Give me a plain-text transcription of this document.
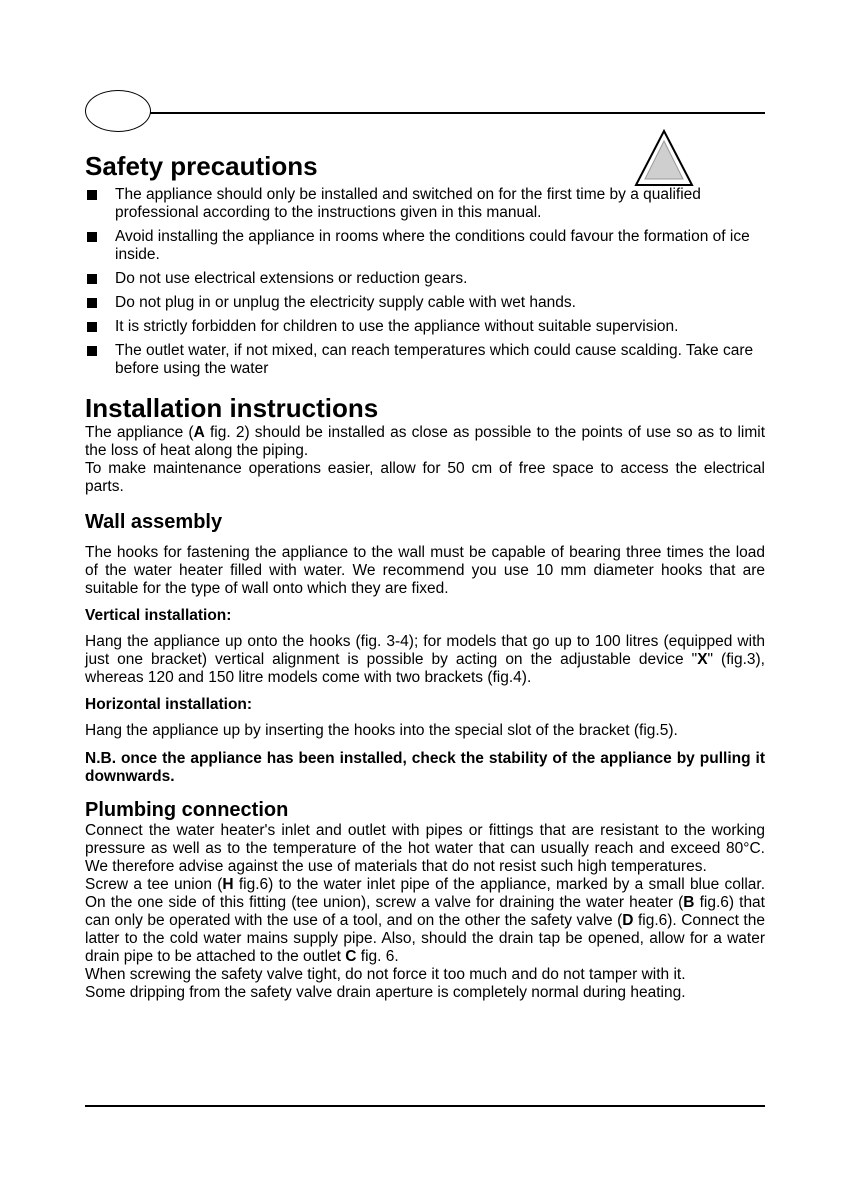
Safety precautions
The appliance should only be installed and switched on for the first time by a qualified professional according to the instructions given in this manual.
Avoid installing the appliance in rooms where the conditions could favour the formation of ice inside.
Do not use electrical extensions or reduction gears.
Do not plug in or unplug the electricity supply cable with wet hands.
It is strictly forbidden for children to use the appliance without suitable supervision.
The outlet water, if not mixed, can reach temperatures which could cause scalding. Take care before using the water
Installation instructions

The appliance (A fig. 2) should be installed as close as possible to the points of use so as to limit the loss of heat along the piping.

To make maintenance operations easier, allow for 50 cm of free space to access the electrical parts.

Wall assembly

The hooks for fastening the appliance to the wall must be capable of bearing three times the load of the water heater filled with water. We recommend you use 10 mm diameter hooks that are suitable for the type of wall onto which they are fixed.

Vertical installation:

Hang the appliance up onto the hooks (fig. 3-4); for models that go up to 100 litres (equipped with just one bracket) vertical alignment is possible by acting on the adjustable device "X" (fig.3), whereas 120 and 150 litre models come with two brackets (fig.4).

Horizontal installation:

Hang the appliance up by inserting the hooks into the special slot of the bracket (fig.5).

N.B. once the appliance has been installed, check the stability of the appliance by pulling it downwards.

Plumbing connection

Connect the water heater's inlet and outlet with pipes or fittings that are resistant to the working pressure as well as to the temperature of the hot water that can usually reach and exceed 80°C. We therefore advise against the use of materials that do not resist such high temperatures.

Screw a tee union (H fig.6) to the water inlet pipe of the appliance, marked by a small blue collar. On the one side of this fitting (tee union), screw a valve for draining the water heater (B fig.6) that can only be operated with the use of a tool, and on the other the safety valve (D fig.6). Connect the latter to the cold water mains supply pipe. Also, should the drain tap be opened, allow for a water drain pipe to be attached to the outlet C fig. 6.

When screwing the safety valve tight, do not force it too much and do not tamper with it.

Some dripping from the safety valve drain aperture is completely normal during heating.
